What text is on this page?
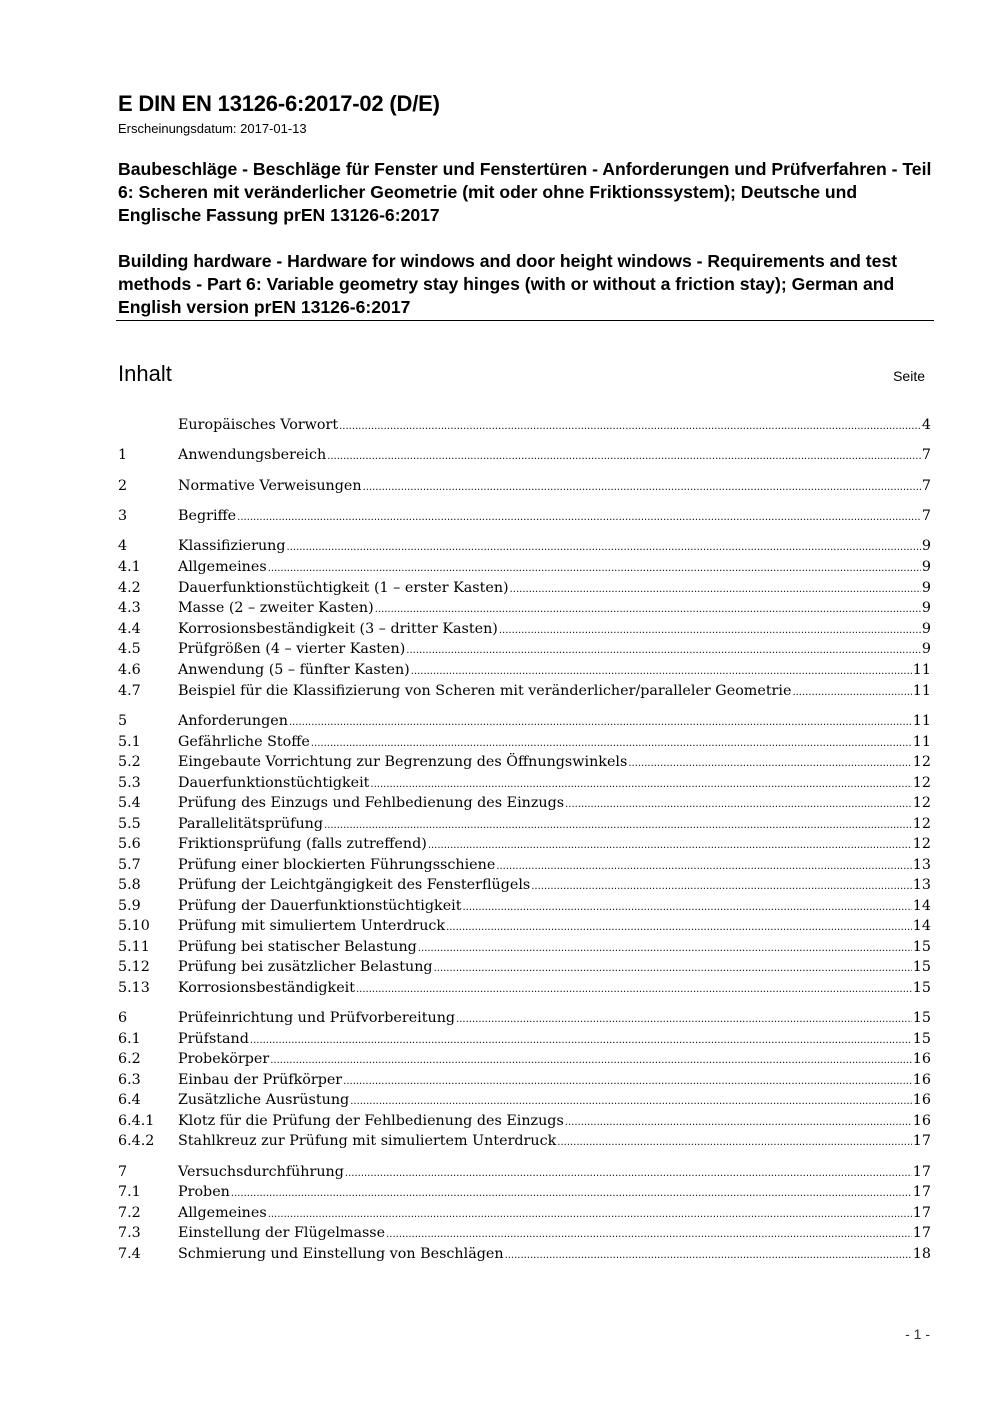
E DIN EN 13126-6:2017-02 (D/E)
Erscheinungsdatum: 2017-01-13
Baubeschläge - Beschläge für Fenster und Fenstertüren - Anforderungen und Prüfverfahren - Teil 6: Scheren mit veränderlicher Geometrie (mit oder ohne Friktionssystem); Deutsche und Englische Fassung prEN 13126-6:2017
Building hardware - Hardware for windows and door height windows - Requirements and test methods - Part 6: Variable geometry stay hinges (with or without a friction stay); German and English version prEN 13126-6:2017
Inhalt	Seite
Europäisches Vorwort .....	4
1	Anwendungsbereich .....	7
2	Normative Verweisungen .....	7
3	Begriffe .....	7
4	Klassifizierung .....	9
4.1	Allgemeines .....	9
4.2	Dauerfunktionstüchtigkeit (1 – erster Kasten) .....	9
4.3	Masse (2 – zweiter Kasten) .....	9
4.4	Korrosionsbeständigkeit (3 – dritter Kasten) .....	9
4.5	Prüfgrößen (4 – vierter Kasten) .....	9
4.6	Anwendung (5 – fünfter Kasten) .....	11
4.7	Beispiel für die Klassifizierung von Scheren mit veränderlicher/paralleler Geometrie .....	11
5	Anforderungen .....	11
5.1	Gefährliche Stoffe .....	11
5.2	Eingebaute Vorrichtung zur Begrenzung des Öffnungswinkels .....	12
5.3	Dauerfunktionstüchtigkeit .....	12
5.4	Prüfung des Einzugs und Fehlbedienung des Einzugs .....	12
5.5	Parallelitätsprüfung .....	12
5.6	Friktionsprüfung (falls zutreffend) .....	12
5.7	Prüfung einer blockierten Führungsschiene .....	13
5.8	Prüfung der Leichtgängigkeit des Fensterflügels .....	13
5.9	Prüfung der Dauerfunktionstüchtigkeit .....	14
5.10	Prüfung mit simuliertem Unterdruck .....	14
5.11	Prüfung bei statischer Belastung .....	15
5.12	Prüfung bei zusätzlicher Belastung .....	15
5.13	Korrosionsbeständigkeit .....	15
6	Prüfeinrichtung und Prüfvorbereitung .....	15
6.1	Prüfstand .....	15
6.2	Probekörper .....	16
6.3	Einbau der Prüfkörper .....	16
6.4	Zusätzliche Ausrüstung .....	16
6.4.1	Klotz für die Prüfung der Fehlbedienung des Einzugs .....	16
6.4.2	Stahlkreuz zur Prüfung mit simuliertem Unterdruck .....	17
7	Versuchsdurchführung .....	17
7.1	Proben .....	17
7.2	Allgemeines .....	17
7.3	Einstellung der Flügelmasse .....	17
7.4	Schmierung und Einstellung von Beschlägen .....	18
- 1 -
